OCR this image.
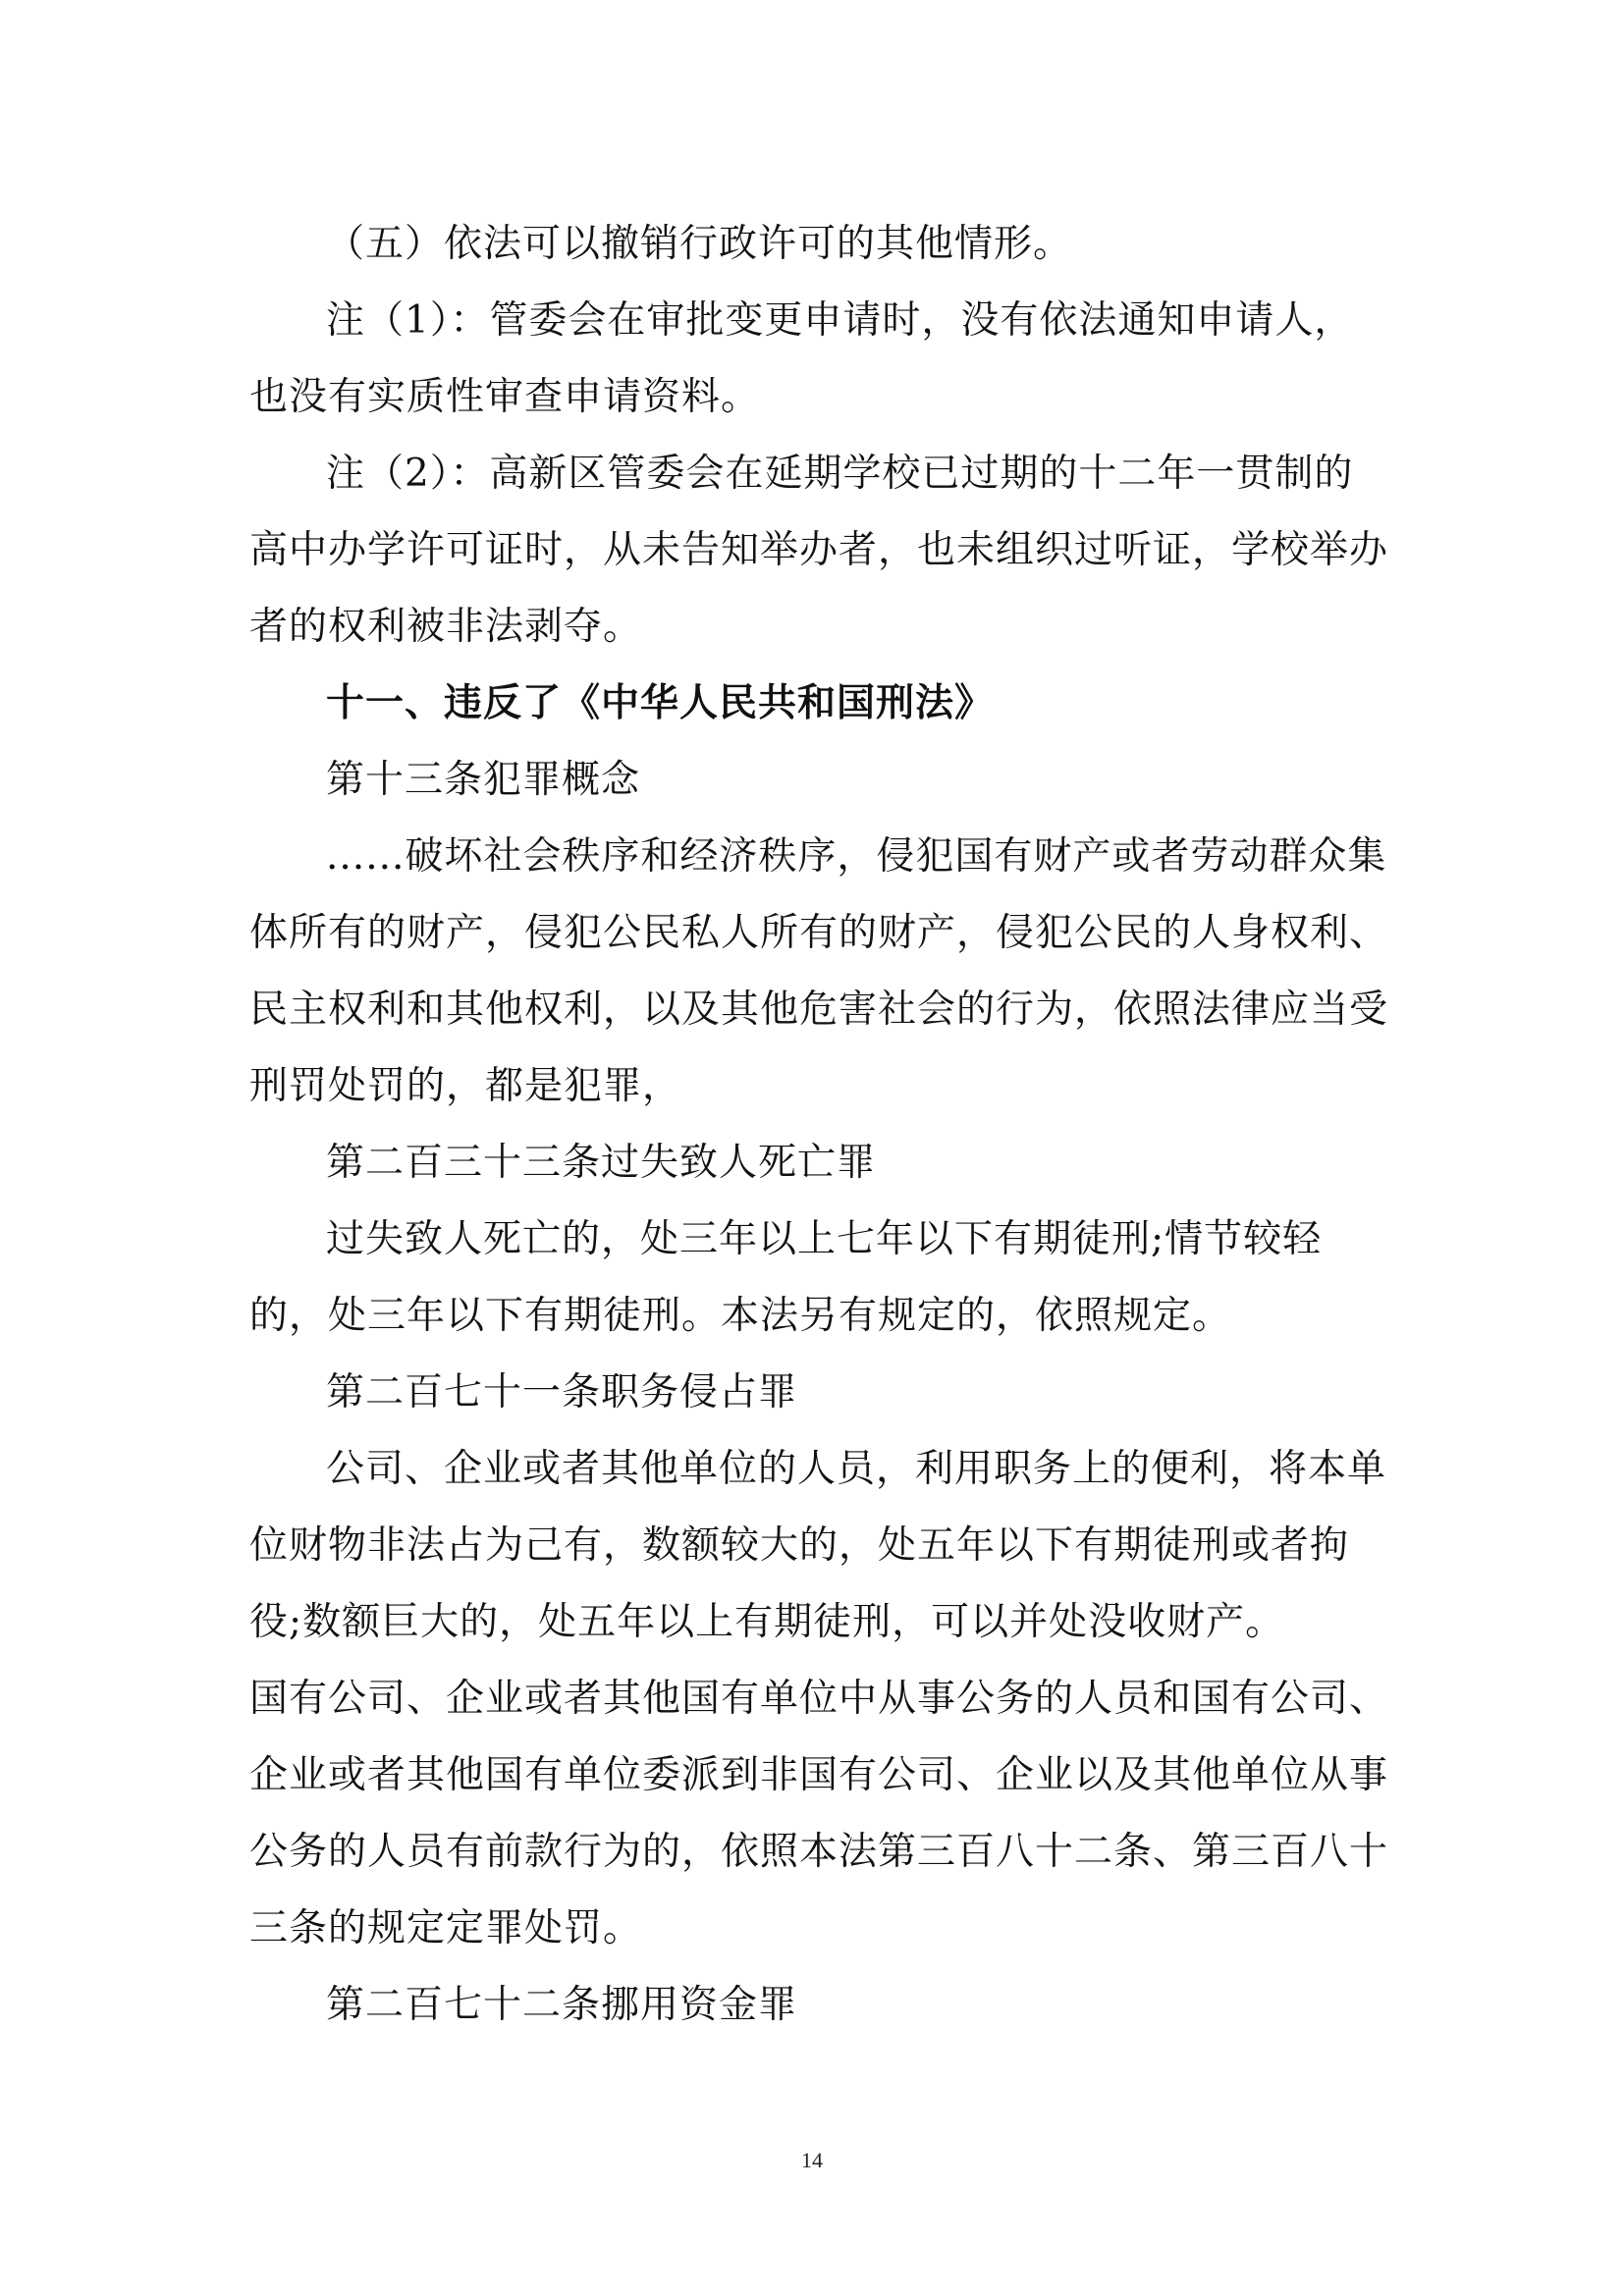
（五）依法可以撤销行政许可的其他情形。

注（1）：管委会在审批变更申请时，没有依法通知申请人，也没有实质性审查申请资料。

注（2）：高新区管委会在延期学校已过期的十二年一贯制的高中办学许可证时，从未告知举办者，也未组织过听证，学校举办者的权利被非法剥夺。

十一、违反了《中华人民共和国刑法》

第十三条犯罪概念

......破坏社会秩序和经济秩序，侵犯国有财产或者劳动群众集体所有的财产，侵犯公民私人所有的财产，侵犯公民的人身权利、民主权利和其他权利，以及其他危害社会的行为，依照法律应当受刑罚处罚的，都是犯罪，

第二百三十三条过失致人死亡罪

过失致人死亡的，处三年以上七年以下有期徒刑;情节较轻的，处三年以下有期徒刑。本法另有规定的，依照规定。

第二百七十一条职务侵占罪

公司、企业或者其他单位的人员，利用职务上的便利，将本单位财物非法占为己有，数额较大的，处五年以下有期徒刑或者拘役;数额巨大的，处五年以上有期徒刑，可以并处没收财产。

国有公司、企业或者其他国有单位中从事公务的人员和国有公司、企业或者其他国有单位委派到非国有公司、企业以及其他单位从事公务的人员有前款行为的，依照本法第三百八十二条、第三百八十三条的规定定罪处罚。

第二百七十二条挪用资金罪

14
